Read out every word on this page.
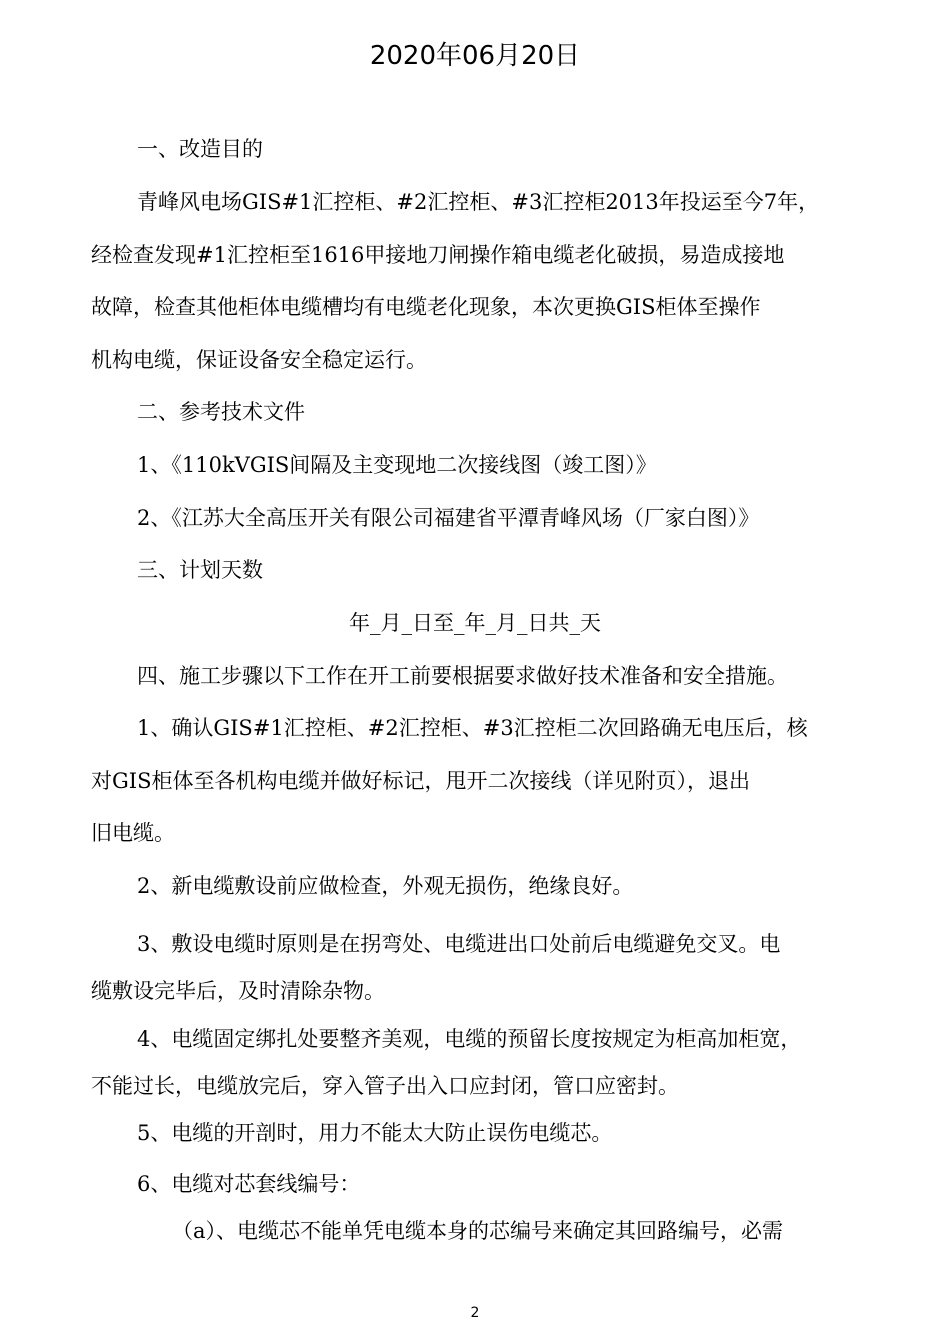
2020年06月20日
一、改造目的
青峰风电场GIS#1汇控柜、#2汇控柜、#3汇控柜2013年投运至今7年，
经检查发现#1汇控柜至1616甲接地刀闸操作箱电缆老化破损，易造成接地
故障，检查其他柜体电缆槽均有电缆老化现象，本次更换GIS柜体至操作
机构电缆，保证设备安全稳定运行。
二、参考技术文件
1、《110kVGIS间隔及主变现地二次接线图（竣工图）》
2、《江苏大全高压开关有限公司福建省平潭青峰风场（厂家白图）》
三、计划天数
年_月_日至_年_月_日共_天
四、施工步骤以下工作在开工前要根据要求做好技术准备和安全措施。
1、确认GIS#1汇控柜、#2汇控柜、#3汇控柜二次回路确无电压后，核
对GIS柜体至各机构电缆并做好标记，甩开二次接线（详见附页），退出
旧电缆。
2、新电缆敷设前应做检查，外观无损伤，绝缘良好。
3、敷设电缆时原则是在拐弯处、电缆进出口处前后电缆避免交叉。电
缆敷设完毕后，及时清除杂物。
4、电缆固定绑扎处要整齐美观，电缆的预留长度按规定为柜高加柜宽，
不能过长，电缆放完后，穿入管子出入口应封闭，管口应密封。
5、电缆的开剖时，用力不能太大防止误伤电缆芯。
6、电缆对芯套线编号：
（a）、电缆芯不能单凭电缆本身的芯编号来确定其回路编号，必需
2
